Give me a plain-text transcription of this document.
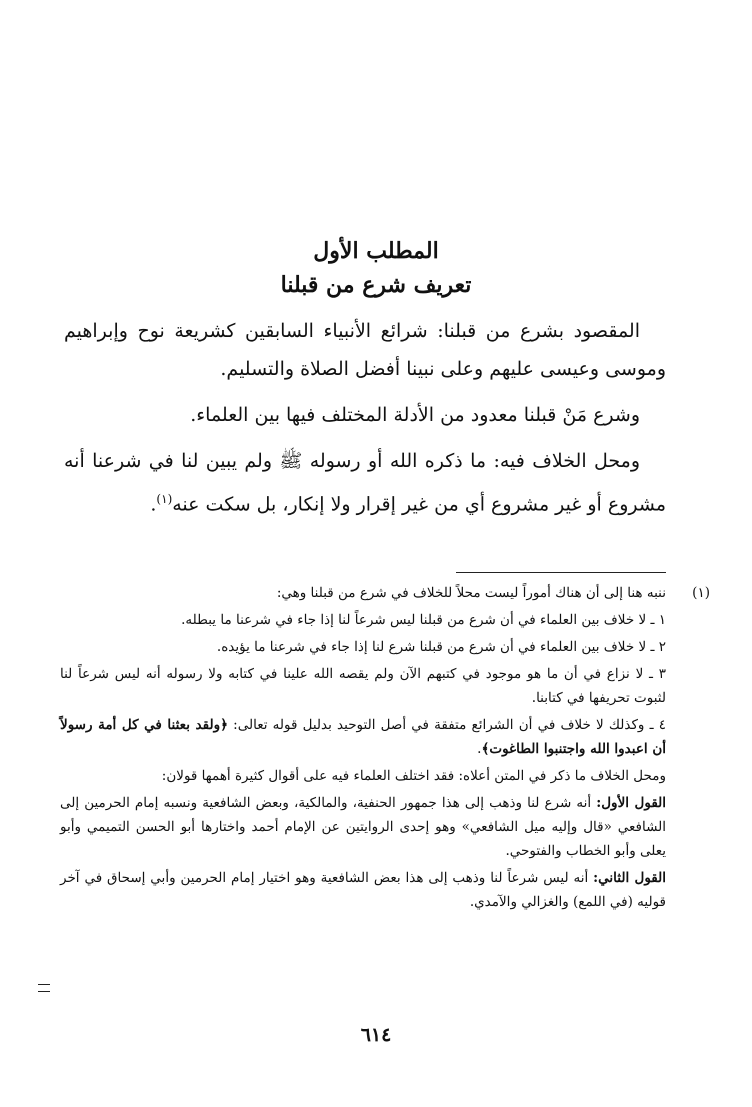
المطلب الأول
تعريف شرع من قبلنا

المقصود بشرع من قبلنا: شرائع الأنبياء السابقين كشريعة نوح وإبراهيم وموسى وعيسى عليهم وعلى نبينا أفضل الصلاة والتسليم.

وشرع مَنْ قبلنا معدود من الأدلة المختلف فيها بين العلماء.

ومحل الخلاف فيه: ما ذكره الله أو رسوله ﷺ ولم يبين لنا في شرعنا أنه مشروع أو غير مشروع أي من غير إقرار ولا إنكار، بل سكت عنه$^{(١)}$.

(١)
ننبه هنا إلى أن هناك أموراً ليست محلاً للخلاف في شرع من قبلنا وهي:

١ ـ لا خلاف بين العلماء في أن شرع من قبلنا ليس شرعاً لنا إذا جاء في شرعنا ما يبطله.

٢ ـ لا خلاف بين العلماء في أن شرع من قبلنا شرع لنا إذا جاء في شرعنا ما يؤيده.

٣ ـ لا نزاع في أن ما هو موجود في كتبهم الآن ولم يقصه الله علينا في كتابه ولا رسوله أنه ليس شرعاً لنا لثبوت تحريفها في كتابنا.

٤ ـ وكذلك لا خلاف في أن الشرائع متفقة في أصل التوحيد بدليل قوله تعالى: ﴿ولقد بعثنا في كل أمة رسولاً أن اعبدوا الله واجتنبوا الطاغوت﴾.

ومحل الخلاف ما ذكر في المتن أعلاه: فقد اختلف العلماء فيه على أقوال كثيرة أهمها قولان:

القول الأول: أنه شرع لنا وذهب إلى هذا جمهور الحنفية، والمالكية، وبعض الشافعية ونسبه إمام الحرمين إلى الشافعي «قال وإليه ميل الشافعي» وهو إحدى الروايتين عن الإمام أحمد واختارها أبو الحسن التميمي وأبو يعلى وأبو الخطاب والفتوحي.

القول الثاني: أنه ليس شرعاً لنا وذهب إلى هذا بعض الشافعية وهو اختيار إمام الحرمين وأبي إسحاق في آخر قوليه (في اللمع) والغزالي والآمدي.

٦١٤
